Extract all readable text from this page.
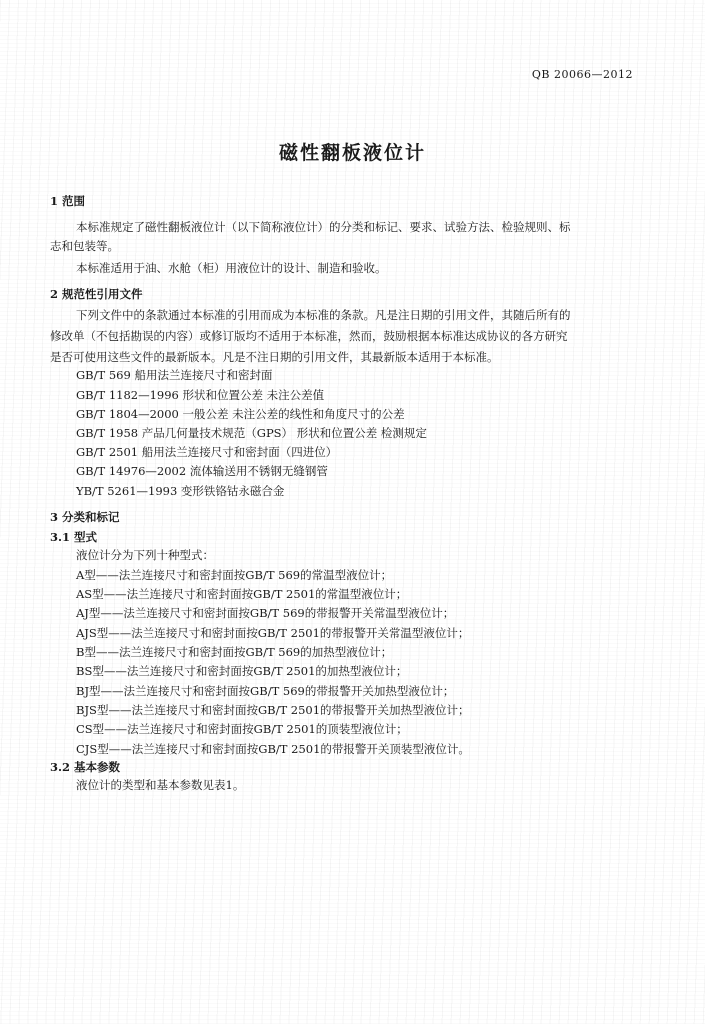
QB 20066—2012
磁性翻板液位计
1 范围
本标准规定了磁性翻板液位计（以下简称液位计）的分类和标记、要求、试验方法、检验规则、标
志和包装等。
本标准适用于油、水舱（柜）用液位计的设计、制造和验收。
2 规范性引用文件
下列文件中的条款通过本标准的引用而成为本标准的条款。凡是注日期的引用文件，其随后所有的
修改单（不包括勘误的内容）或修订版均不适用于本标准，然而，鼓励根据本标准达成协议的各方研究
是否可使用这些文件的最新版本。凡是不注日期的引用文件，其最新版本适用于本标准。
GB/T 569 船用法兰连接尺寸和密封面
GB/T 1182—1996 形状和位置公差 未注公差值
GB/T 1804—2000 一般公差 未注公差的线性和角度尺寸的公差
GB/T 1958 产品几何量技术规范（GPS） 形状和位置公差 检测规定
GB/T 2501 船用法兰连接尺寸和密封面（四进位）
GB/T 14976—2002 流体输送用不锈钢无缝钢管
YB/T 5261—1993 变形铁铬钴永磁合金
3 分类和标记
3.1 型式
液位计分为下列十种型式：
A型——法兰连接尺寸和密封面按GB/T 569的常温型液位计；
AS型——法兰连接尺寸和密封面按GB/T 2501的常温型液位计；
AJ型——法兰连接尺寸和密封面按GB/T 569的带报警开关常温型液位计；
AJS型——法兰连接尺寸和密封面按GB/T 2501的带报警开关常温型液位计；
B型——法兰连接尺寸和密封面按GB/T 569的加热型液位计；
BS型——法兰连接尺寸和密封面按GB/T 2501的加热型液位计；
BJ型——法兰连接尺寸和密封面按GB/T 569的带报警开关加热型液位计；
BJS型——法兰连接尺寸和密封面按GB/T 2501的带报警开关加热型液位计；
CS型——法兰连接尺寸和密封面按GB/T 2501的顶装型液位计；
CJS型——法兰连接尺寸和密封面按GB/T 2501的带报警开关顶装型液位计。
3.2 基本参数
液位计的类型和基本参数见表1。
